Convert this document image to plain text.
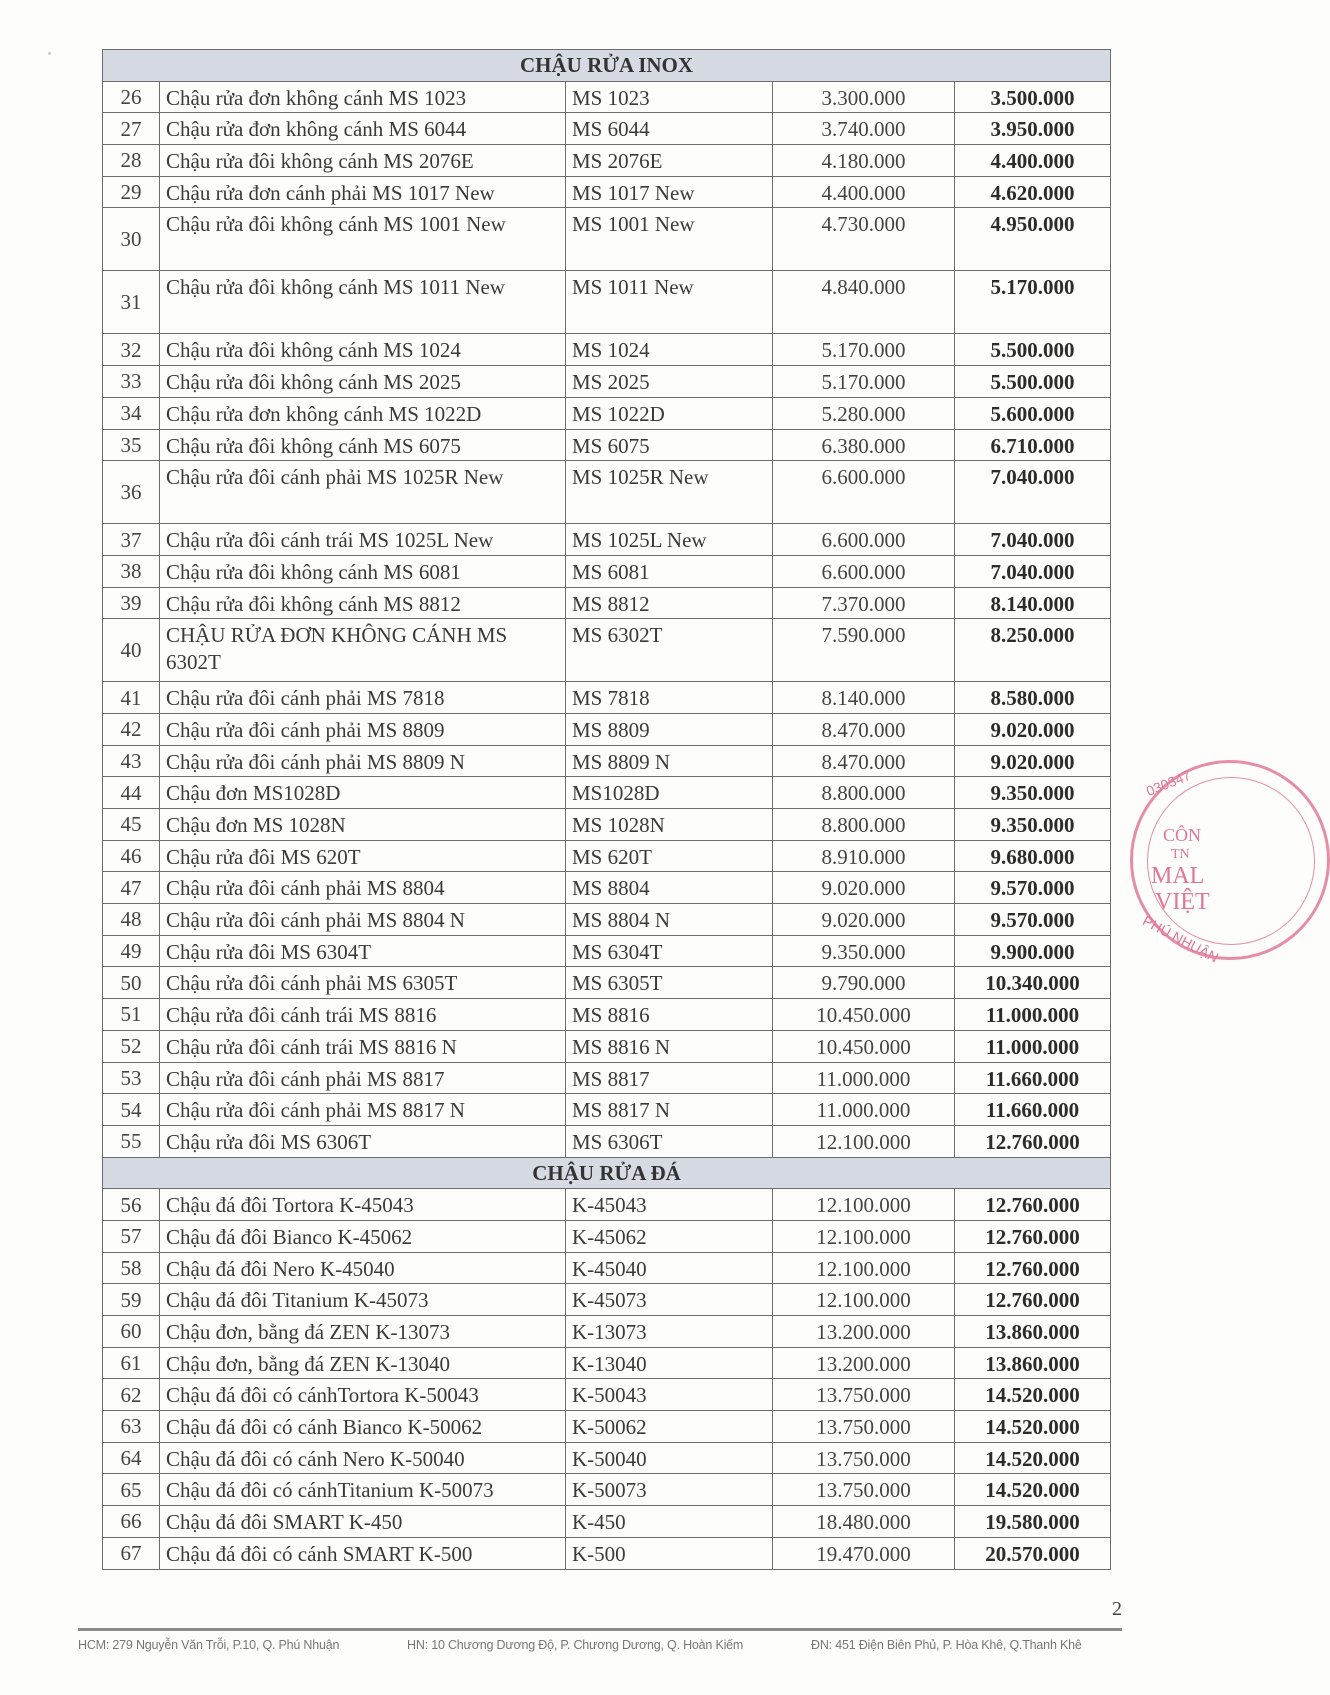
CHẬU RỬA INOX				
26	Chậu rửa đơn không cánh MS 1023	MS 1023	3.300.000	3.500.000
27	Chậu rửa đơn không cánh MS 6044	MS 6044	3.740.000	3.950.000
28	Chậu rửa đôi không cánh MS 2076E	MS 2076E	4.180.000	4.400.000
29	Chậu rửa đơn cánh phải MS 1017 New	MS 1017 New	4.400.000	4.620.000
30	Chậu rửa đôi không cánh MS 1001 New	MS 1001 New	4.730.000	4.950.000
31	Chậu rửa đôi không cánh MS 1011 New	MS 1011 New	4.840.000	5.170.000
32	Chậu rửa đôi không cánh MS 1024	MS 1024	5.170.000	5.500.000
33	Chậu rửa đôi không cánh MS 2025	MS 2025	5.170.000	5.500.000
34	Chậu rửa đơn không cánh MS 1022D	MS 1022D	5.280.000	5.600.000
35	Chậu rửa đôi không cánh MS 6075	MS 6075	6.380.000	6.710.000
36	Chậu rửa đôi cánh phải MS 1025R New	MS 1025R New	6.600.000	7.040.000
37	Chậu rửa đôi cánh trái MS 1025L New	MS 1025L New	6.600.000	7.040.000
38	Chậu rửa đôi không cánh MS 6081	MS 6081	6.600.000	7.040.000
39	Chậu rửa đôi không cánh MS 8812	MS 8812	7.370.000	8.140.000
40	CHẬU RỬA ĐƠN KHÔNG CÁNH MS 6302T	MS 6302T	7.590.000	8.250.000
41	Chậu rửa đôi cánh phải MS 7818	MS 7818	8.140.000	8.580.000
42	Chậu rửa đôi cánh phải MS 8809	MS 8809	8.470.000	9.020.000
43	Chậu rửa đôi cánh phải MS 8809 N	MS 8809 N	8.470.000	9.020.000
44	Chậu đơn MS1028D	MS1028D	8.800.000	9.350.000
45	Chậu đơn MS 1028N	MS 1028N	8.800.000	9.350.000
46	Chậu rửa đôi MS 620T	MS 620T	8.910.000	9.680.000
47	Chậu rửa đôi cánh phải MS 8804	MS 8804	9.020.000	9.570.000
48	Chậu rửa đôi cánh phải MS 8804 N	MS 8804 N	9.020.000	9.570.000
49	Chậu rửa đôi MS 6304T	MS 6304T	9.350.000	9.900.000
50	Chậu rửa đôi cánh phải MS 6305T	MS 6305T	9.790.000	10.340.000
51	Chậu rửa đôi cánh trái MS 8816	MS 8816	10.450.000	11.000.000
52	Chậu rửa đôi cánh trái MS 8816 N	MS 8816 N	10.450.000	11.000.000
53	Chậu rửa đôi cánh phải MS 8817	MS 8817	11.000.000	11.660.000
54	Chậu rửa đôi cánh phải MS 8817 N	MS 8817 N	11.000.000	11.660.000
55	Chậu rửa đôi MS 6306T	MS 6306T	12.100.000	12.760.000
CHẬU RỬA ĐÁ				
56	Chậu đá đôi Tortora K-45043	K-45043	12.100.000	12.760.000
57	Chậu đá đôi Bianco K-45062	K-45062	12.100.000	12.760.000
58	Chậu đá đôi Nero K-45040	K-45040	12.100.000	12.760.000
59	Chậu đá đôi Titanium K-45073	K-45073	12.100.000	12.760.000
60	Chậu đơn, bằng đá ZEN K-13073	K-13073	13.200.000	13.860.000
61	Chậu đơn, bằng đá ZEN K-13040	K-13040	13.200.000	13.860.000
62	Chậu đá đôi có cánhTortora K-50043	K-50043	13.750.000	14.520.000
63	Chậu đá đôi có cánh Bianco K-50062	K-50062	13.750.000	14.520.000
64	Chậu đá đôi có cánh Nero K-50040	K-50040	13.750.000	14.520.000
65	Chậu đá đôi có cánhTitanium K-50073	K-50073	13.750.000	14.520.000
66	Chậu đá đôi SMART K-450	K-450	18.480.000	19.580.000
67	Chậu đá đôi có cánh SMART K-500	K-500	19.470.000	20.570.000
2
HCM: 279 Nguyễn Văn Trỗi, P.10, Q. Phú Nhuận	HN: 10 Chương Dương Độ, P. Chương Dương, Q. Hoàn Kiếm	ĐN: 451 Điện Biên Phủ, P. Hòa Khê, Q.Thanh Khê
030347
CÔN
TN
MAL
VIỆT
PHÚ NHUẬN
